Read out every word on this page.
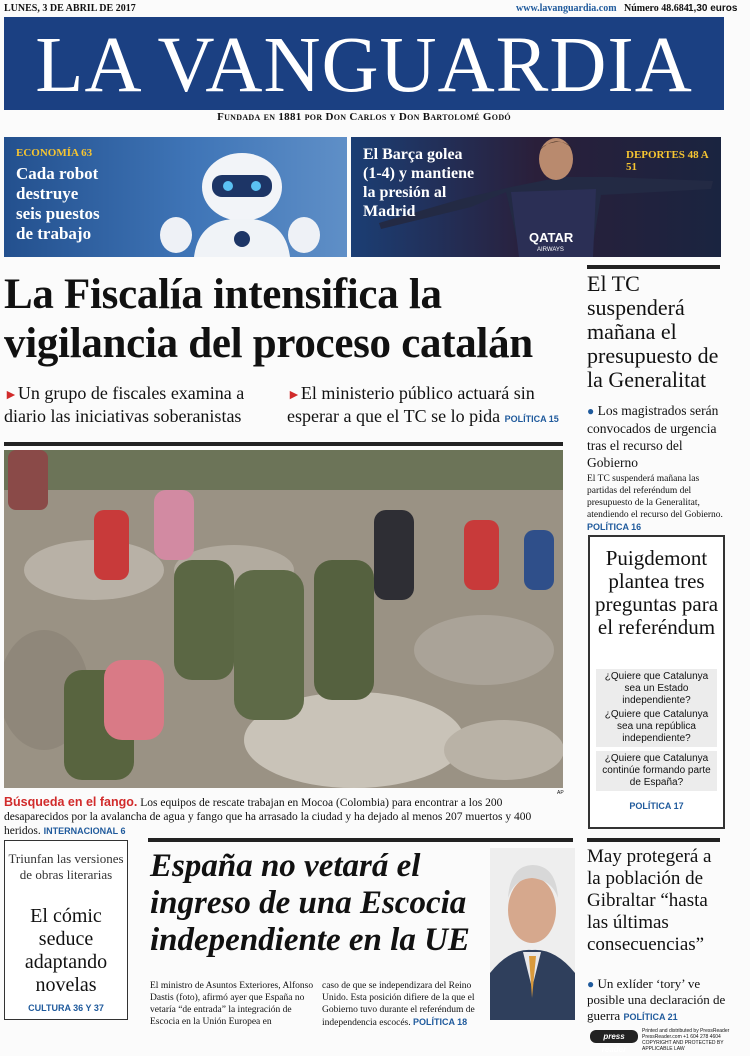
LUNES, 3 DE ABRIL DE 2017	www.lavanguardia.com Número 48.684 1,30 euros
LA VANGUARDIA
Fundada en 1881 por Don Carlos y Don Bartolomé Godó
ECONOMÍA 63
Cada robot
destruye
seis puestos
de trabajo	QATAR
AIRWAYS
DEPORTES 48 A 51
El Barça golea
(1-4) y mantiene
la presión al
Madrid
La Fiscalía intensifica la vigilancia del proceso catalán
►Un grupo de fiscales examina a diario las iniciativas soberanistas
►El ministerio público actuará sin esperar a que el TC se lo pida POLÍTICA 15
AP
Búsqueda en el fango. Los equipos de rescate trabajan en Mocoa (Colombia) para encontrar a los 200 desaparecidos por la avalancha de agua y fango que ha arrasado la ciudad y ha dejado al menos 207 muertos y 400 heridos. INTERNACIONAL 6
El TC suspenderá mañana el presupuesto de la Generalitat
● Los magistrados serán convocados de urgencia tras el recurso del Gobierno
El TC suspenderá mañana las partidas del referéndum del presupuesto de la Generalitat, atendiendo el recurso del Gobierno. POLÍTICA 16
Puigdemont plantea tres preguntas para el referéndum
¿Quiere que Catalunya sea un Estado independiente?
¿Quiere que Catalunya sea una república independiente?
¿Quiere que Catalunya continúe formando parte de España?
POLÍTICA 17
May protegerá a la población de Gibraltar “hasta las últimas consecuencias”
● Un exlíder ‘tory’ ve posible una declaración de guerra POLÍTICA 21
Triunfan las versiones de obras literarias
El cómic seduce adaptando novelas
CULTURA 36 Y 37
España no vetará el ingreso de una Escocia independiente en la UE
El ministro de Asuntos Exteriores, Alfonso Dastis (foto), afirmó ayer que España no vetaría “de entrada” la integración de Escocia en la Unión Europea en
caso de que se independizara del Reino Unido. Esta posición difiere de la que el Gobierno tuvo durante el referéndum de independencia escocés. POLÍTICA 18
press reader
Printed and distributed by PressReader
PressReader.com +1 604 278 4604
COPYRIGHT AND PROTECTED BY APPLICABLE LAW
